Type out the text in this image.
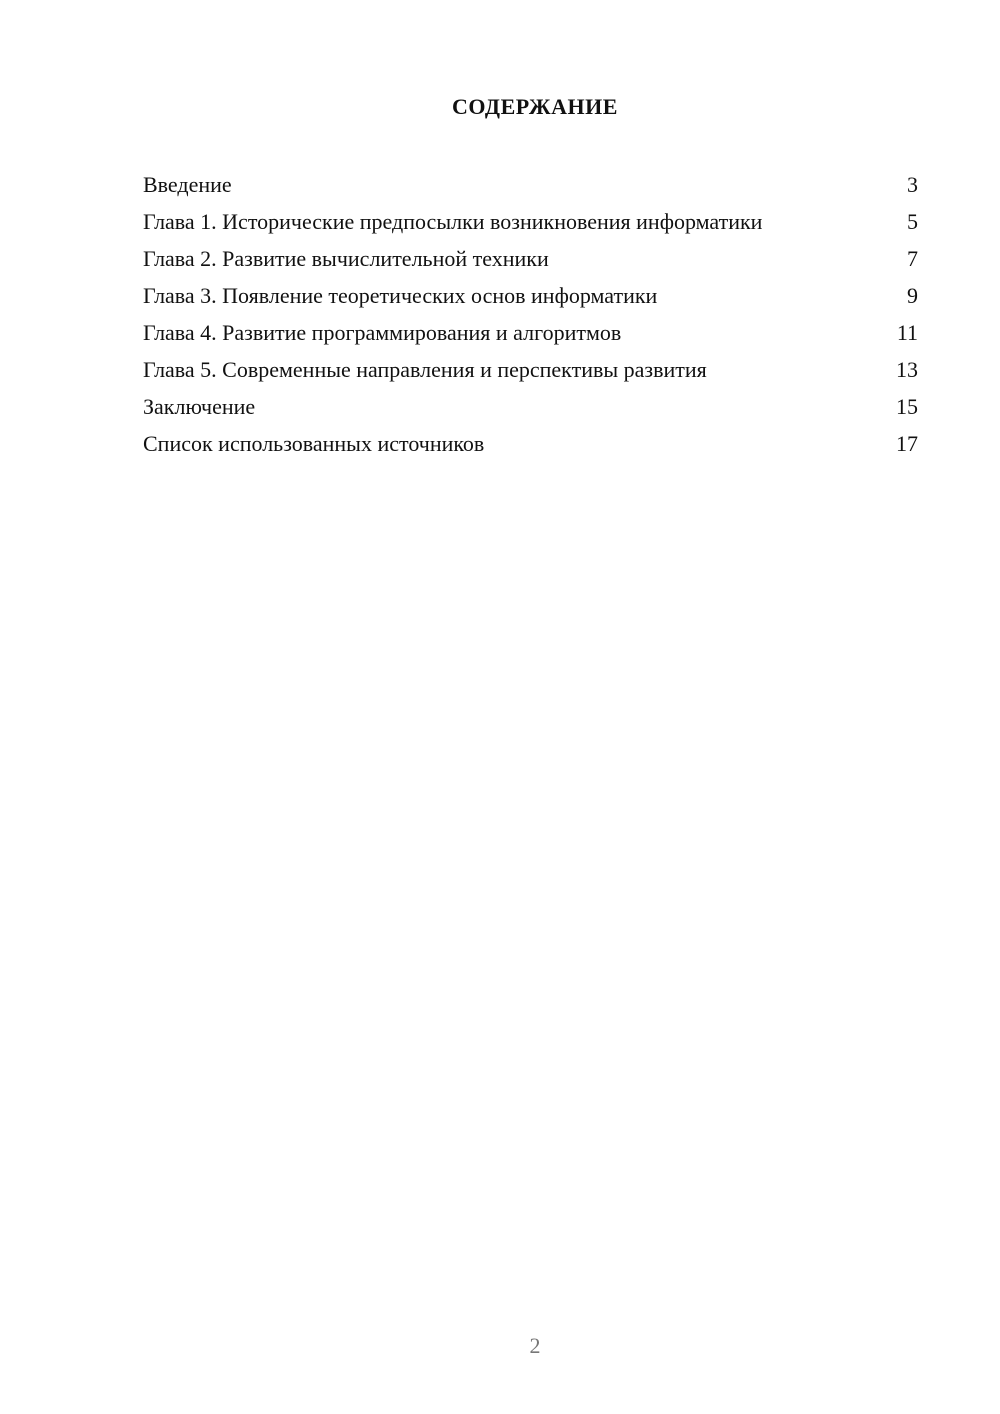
СОДЕРЖАНИЕ
Введение	3
Глава 1. Исторические предпосылки возникновения информатики	5
Глава 2. Развитие вычислительной техники	7
Глава 3. Появление теоретических основ информатики	9
Глава 4. Развитие программирования и алгоритмов	11
Глава 5. Современные направления и перспективы развития	13
Заключение	15
Список использованных источников	17
2
